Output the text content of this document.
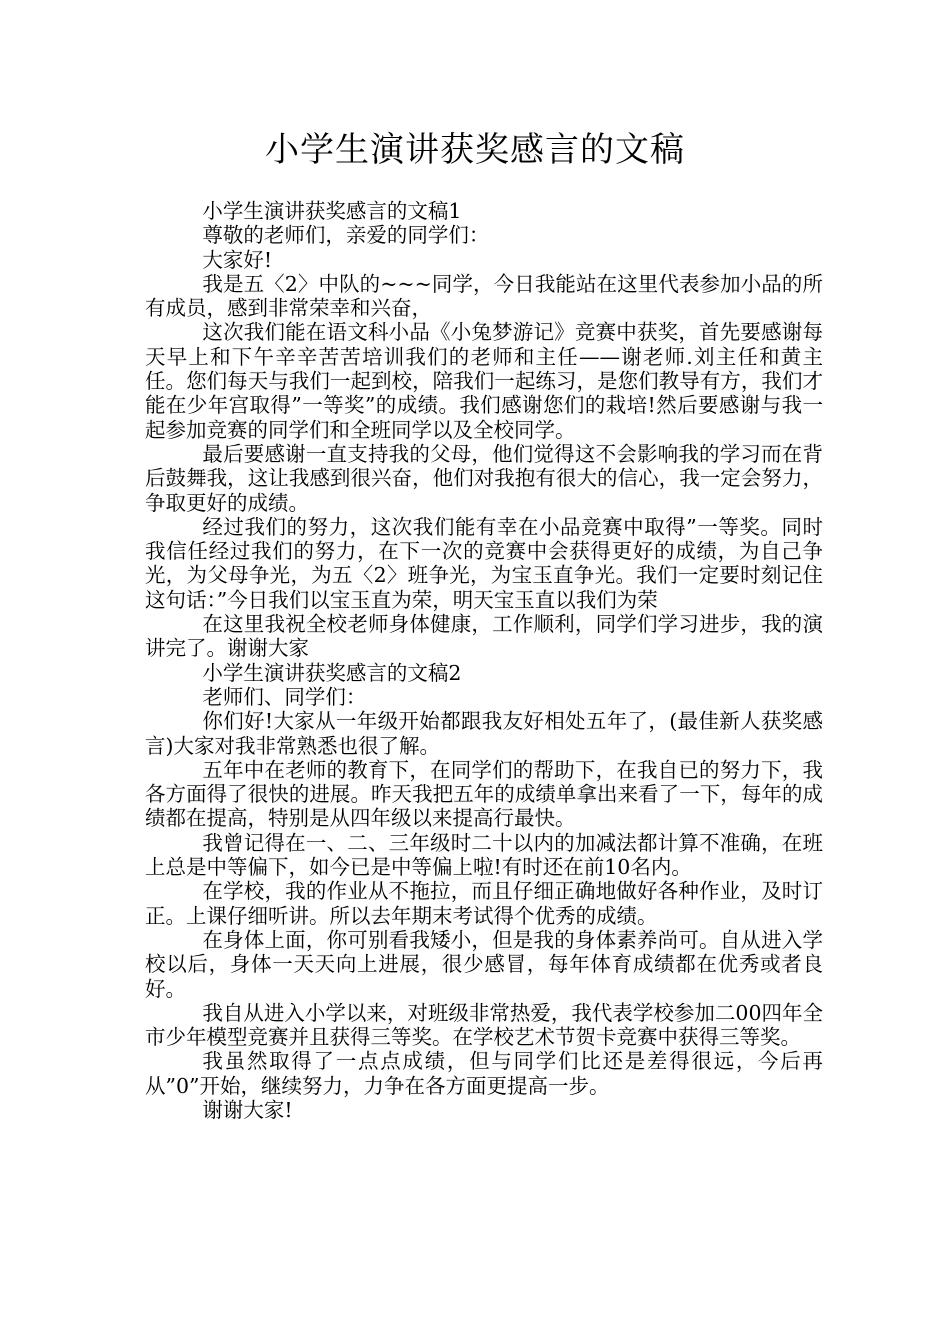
小学生演讲获奖感言的文稿

小学生演讲获奖感言的文稿1

尊敬的老师们，亲爱的同学们：

大家好!

我是五〈2〉中队的~~~同学，今日我能站在这里代表参加小品的所有成员，感到非常荣幸和兴奋，

这次我们能在语文科小品《小兔梦游记》竞赛中获奖，首先要感谢每天早上和下午辛辛苦苦培训我们的老师和主任——谢老师.刘主任和黄主任。您们每天与我们一起到校，陪我们一起练习，是您们教导有方，我们才能在少年宫取得”一等奖”的成绩。我们感谢您们的栽培!然后要感谢与我一起参加竞赛的同学们和全班同学以及全校同学。

最后要感谢一直支持我的父母，他们觉得这不会影响我的学习而在背后鼓舞我，这让我感到很兴奋，他们对我抱有很大的信心，我一定会努力，争取更好的成绩。

经过我们的努力，这次我们能有幸在小品竞赛中取得”一等奖。同时我信任经过我们的努力，在下一次的竞赛中会获得更好的成绩，为自己争光，为父母争光，为五〈2〉班争光，为宝玉直争光。我们一定要时刻记住这句话：”今日我们以宝玉直为荣，明天宝玉直以我们为荣

在这里我祝全校老师身体健康，工作顺利，同学们学习进步，我的演讲完了。谢谢大家

小学生演讲获奖感言的文稿2

老师们、同学们：

你们好!大家从一年级开始都跟我友好相处五年了，(最佳新人获奖感言)大家对我非常熟悉也很了解。

五年中在老师的教育下，在同学们的帮助下，在我自已的努力下，我各方面得了很快的进展。昨天我把五年的成绩单拿出来看了一下，每年的成绩都在提高，特别是从四年级以来提高行最快。

我曾记得在一、二、三年级时二十以内的加减法都计算不准确，在班上总是中等偏下，如今已是中等偏上啦!有时还在前10名内。

在学校，我的作业从不拖拉，而且仔细正确地做好各种作业，及时订正。上课仔细听讲。所以去年期末考试得个优秀的成绩。

在身体上面，你可别看我矮小，但是我的身体素养尚可。自从进入学校以后，身体一天天向上进展，很少感冒，每年体育成绩都在优秀或者良好。

我自从进入小学以来，对班级非常热爱，我代表学校参加二00四年全市少年模型竞赛并且获得三等奖。在学校艺术节贺卡竞赛中获得三等奖。

我虽然取得了一点点成绩，但与同学们比还是差得很远，今后再从”0”开始，继续努力，力争在各方面更提高一步。

谢谢大家!
